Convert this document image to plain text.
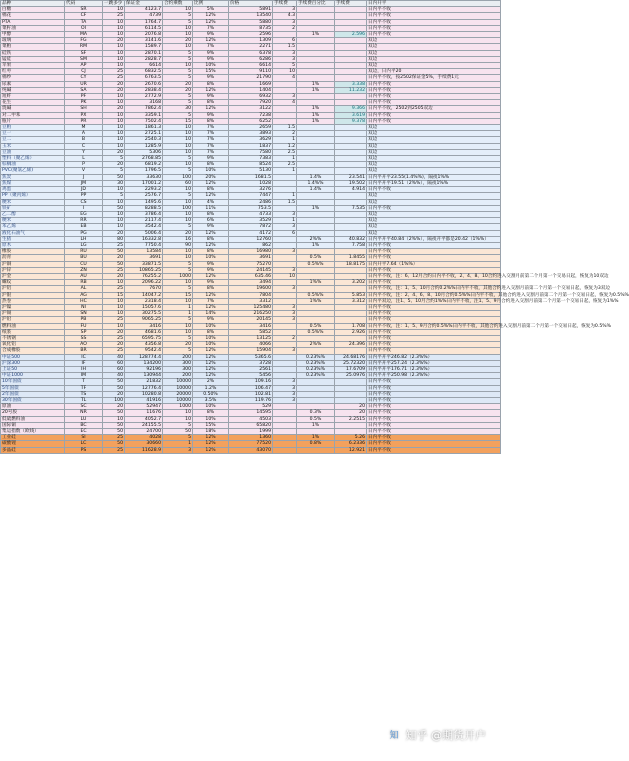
品种	代码	一跳多少	保证金	合约乘数	比例	价格	手续费	手续费百分比	手续费	日内开平
白糖	SR	10	4123.7	10	5%	5891	3			日内平不收
棉花	CF	25	4739	5	12%	13540	4.3			日内平不收
PTA	TA	10	1764.7	5	12%	5880	3			日内平不收
菜籽油	OI	10	6114.5	10	7%	8735	2			日内平不收
甲醇	MA	10	2076.8	10	9%	2596		1%	2.596	日内平不收
玻璃	FG	20	3141.6	20	12%	1309	6			双边
菜粕	RM	10	1589.7	10	7%	2271	1.5			双边
硅铁	SF	10	2870.1	5	9%	6378	3			双边
锰硅	SM	10	2828.7	5	9%	6286	3			双边
苹果	AP	10	6614	10	10%	6614	5			双边
红枣	CJ	25	6832.5	5	15%	9110	10			双边，日内平20
棉纱	CY	25	6763.5	5	9%	21790	4			日内平不收，按2502保证金5%，手续费1元
尿素	UR	20	2670.6	20	8%	1669		1%	3.338	日内平不收
纯碱	SA	20	2838.4	20	12%	1404		1%	11.232	日内平不收
短纤	PF	10	2772.9	5	9%	6932	3			日内平不收
花生	PK	10	3168	5	8%	7920	4			日内平不收
烧碱	SH	20	7862.4	30	12%	3122		1%	9.366	日内平不收，2502到2505双边
对二甲苯	PX	10	3359.1	5	9%	7238		1%	3.619	日内平不收
瓶片	PR	10	7502.4	15	8%	6252		1%	9.378	日内平不收
豆粕	M	10	1861.3	10	7%	2659	1.5			双边
豆一	A	10	2725.1	10	7%	3893	2			双边
豆二	B	10	2540.3	10	7%	3629	1			双边
玉米	C	10	1285.9	10	7%	1837	1.2			双边
豆油	Y	20	5306	10	7%	7580	2.5			双边
塑料（聚乙烯）	L	5	2768.85	5	9%	7383	1			双边
棕榈油	P	20	6819.2	10	8%	8524	2.5			双边
PVC(聚氯乙烯)	V	5	1796.5	5	10%	5130	1			双边
焦炭	J	50	33630	100	20%	1681.5		1.4%	23.541	日内平开平23.55(1.4%%)，隔夜1%%
焦煤	JM	30	17001.2	60	12%	1028		1.4%%	19.502	日内平开平19.51（2%%），隔夜1%%
鸡蛋	JD	10	2293.2	10	8%	3276		1.4%	4.914	日内平不收
PP（聚丙烯）	PP	5	2576.7	5	12%	7447	1			双边
粳米	CS	10	1495.6	10	4%	2486	1.5			双边
铁矿	I	50	8288.5	100	11%	753.5		1%	7.535	日内平不收
乙二醇	EG	10	3786.4	10	8%	4733	3			双边
粳米	RR	10	2117.4	10	6%	3529	1			双边
苯乙烯	EB	10	3542.4	5	9%	7872	3			双边
液化石油气	PG	20	5006.4	20	12%	4172	6			双边
生猪	LH	80	16332.8	16	8%	12760		2%%	40.832	日内平开平40.84（2%%），隔夜开平都是20.42（1%%）
原木	LG	25	7750.4	90	12%	862		1%	7.758	日内平不收
橡胶	RU	50	13584	10	8%	16980	3			日内平不收
沥青	BU	20	3691	10	10%	3691		0.5%	1.8455	日内平不收
沪铜	CU	50	33871.5	5	9%	75270		0.5%%	18.8175	日内开平7.64（1%%）
沪锌	ZN	25	10865.25	5	9%	24145	3			日内平不收
沪金	AU	20	76255.2	1000	12%	635.46	10			日内平不收，注：6、12月合约日内平不收，2、4、8、10合约进入交割月前第二个月第一个交易日起，恢复为10双边
螺纹	RB	10	2096.22	10	9%	3494		1%%	3.202	日内平不收
沪铝	AL	25	7670	5	8%	19600	3			日内平不收，注：1、5、10月合约0.2%%日内平不收，其他合约进入交割月前第二个月第一个交易日起，恢复为3双边
沪银	AG	15	14047.2	15	12%	7804		0.5%%	5.853	日内平不收，注：2、4、6、8、10月合约0.5%%日内平不收，其他合约进入交割月前第二个月第一个交易日起，恢复为0.5%%
热卷	HC	10	2318.4	10	7%	3312		1%%	3.312	日内平双边，注1、5、10月合约1%%日内平不收，注1、5、9月合约进入交割月前第二个月第一个交易日起，恢复为1%%
沪镍	NI	10	15057.6	1	12%	125480	3			日内平不收
沪锡	SN	10	30275.5	1	14%	216250	3			日内平不收
沪铅	PB	25	9065.25	5	9%	20145	3			日内平不收
燃料油	FU	10	3416	10	10%	3416		0.5%	1.708	日内平不收，注：1、5、9月合约0.5%%日内平不收，其他合约进入交割月前第二个月第一个交易日起，恢复为0.5%%
纸浆	SP	20	4681.6	10	8%	5852		0.5%%	2.926	日内平不收
不锈钢	SS	25	6595.75	5	10%	13125	2			日内平不收
氧化铝	AO	20	4356.8	20	10%	4066		2%%	24.396	日内平不收
合成橡胶	BR	25	9542.4	5	12%	15904	3			日内平不收
中证500	IC	40	128774.4	200	12%	5365.6		0.23%%	24.68176	日内平开平246.82（2.3%%）
沪深300	IF	60	134200	300	12%	3728		0.23%%	25.72320	日内平开平257.24（2.3%%）
上证50	IH	60	92196	300	12%	2561		0.23%%	17.6709	日内平开平176.71（2.3%%）
中证1000	IM	40	130944	200	12%	5456		0.23%%	25.0976	日内平开平250.98（2.3%%）
10年国债	T	50	21832	10000	2%	109.16	3			日内平不收
5年国债	TF	50	12776.4	10000	1.2%	106.47	3			日内平不收
2年国债	TS	20	10280.8	20000	0.50%	102.81	3			日内平不收
30年国债	TL	100	41916	10000	3.5%	119.76	3			日内平不收
原油	SC	20	52947	1000	10%	529			20	日内平不收
20号胶	NR	50	11676	10	8%	14595		0.3%	20	日内平不收
低硫燃料油	LU	10	4052.7	10	10%	4503		0.5%	2.2515	日内平不收
国际铜	BC	50	24155.5	5	15%	65820		1%		日内平不收
集运指数（欧线）	EC	50	24700	50	18%	1999				日内平不收
工业硅	SI	25	4028	5	12%	1360		1%	5.26	日内平不收
碳酸锂	LC	50	30660	1	12%	77520		0.8%	6.2336	日内平不收
多晶硅	PS	25	11628.9	3	12%	43070			12.921	日内平不收
知 知乎 @期货开户
